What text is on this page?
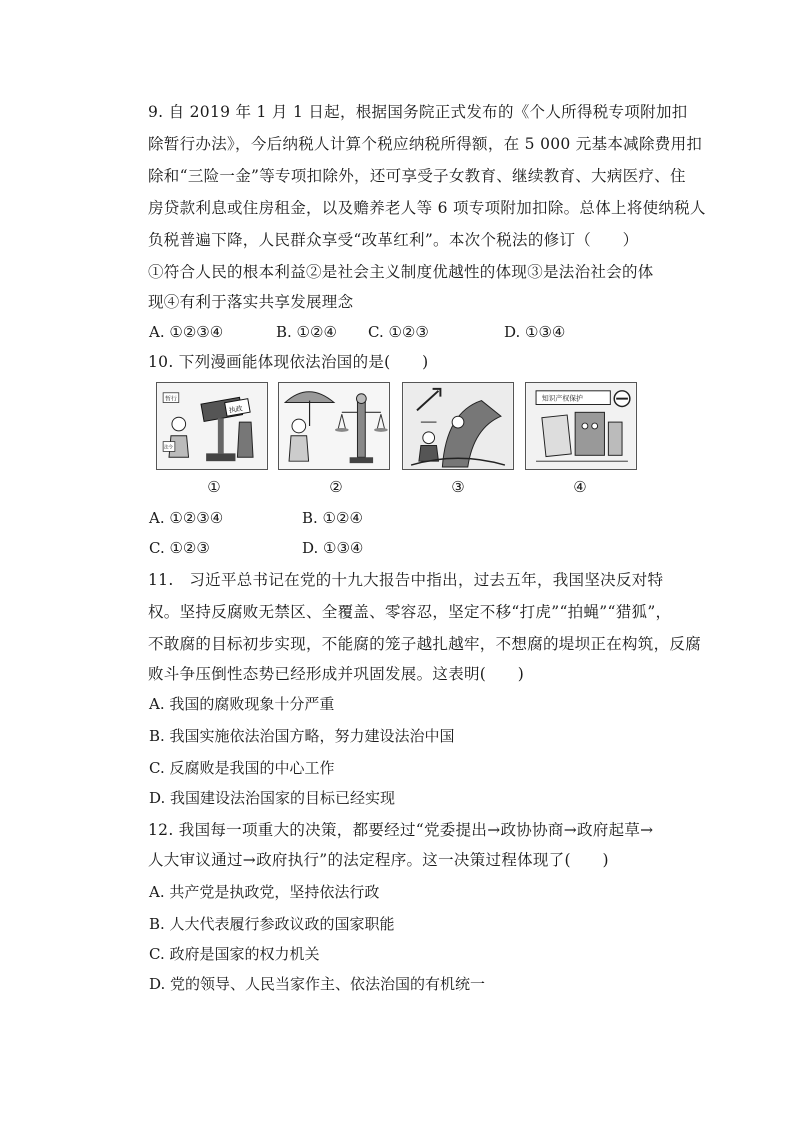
9. 自 2019 年 1 月 1 日起，根据国务院正式发布的《个人所得税专项附加扣
除暂行办法》，今后纳税人计算个税应纳税所得额，在 5 000 元基本减除费用扣
除和“三险一金”等专项扣除外，还可享受子女教育、继续教育、大病医疗、住
房贷款利息或住房租金，以及赡养老人等 6 项专项附加扣除。总体上将使纳税人
负税普遍下降，人民群众享受“改革红利”。本次个税法的修订（　　）
①符合人民的根本利益②是社会主义制度优越性的体现③是法治社会的体
现④有利于落实共享发展理念
A. ①②③④	B. ①②④ C. ①②③	D. ①③④
10. 下列漫画能体现依法治国的是(　　)
暂行
法令
执政
知识产权保护
①	②	③	④
A. ①②③④	B. ①②④
C. ①②③	D. ①③④
11.　习近平总书记在党的十九大报告中指出，过去五年，我国坚决反对特
权。坚持反腐败无禁区、全覆盖、零容忍，坚定不移“打虎”“拍蝇”“猎狐”，
不敢腐的目标初步实现，不能腐的笼子越扎越牢，不想腐的堤坝正在构筑，反腐
败斗争压倒性态势已经形成并巩固发展。这表明(　　)
A. 我国的腐败现象十分严重
B. 我国实施依法治国方略，努力建设法治中国
C. 反腐败是我国的中心工作
D. 我国建设法治国家的目标已经实现
12. 我国每一项重大的决策，都要经过“党委提出→政协协商→政府起草→
人大审议通过→政府执行”的法定程序。这一决策过程体现了(　　)
A. 共产党是执政党，坚持依法行政
B. 人大代表履行参政议政的国家职能
C. 政府是国家的权力机关
D. 党的领导、人民当家作主、依法治国的有机统一
